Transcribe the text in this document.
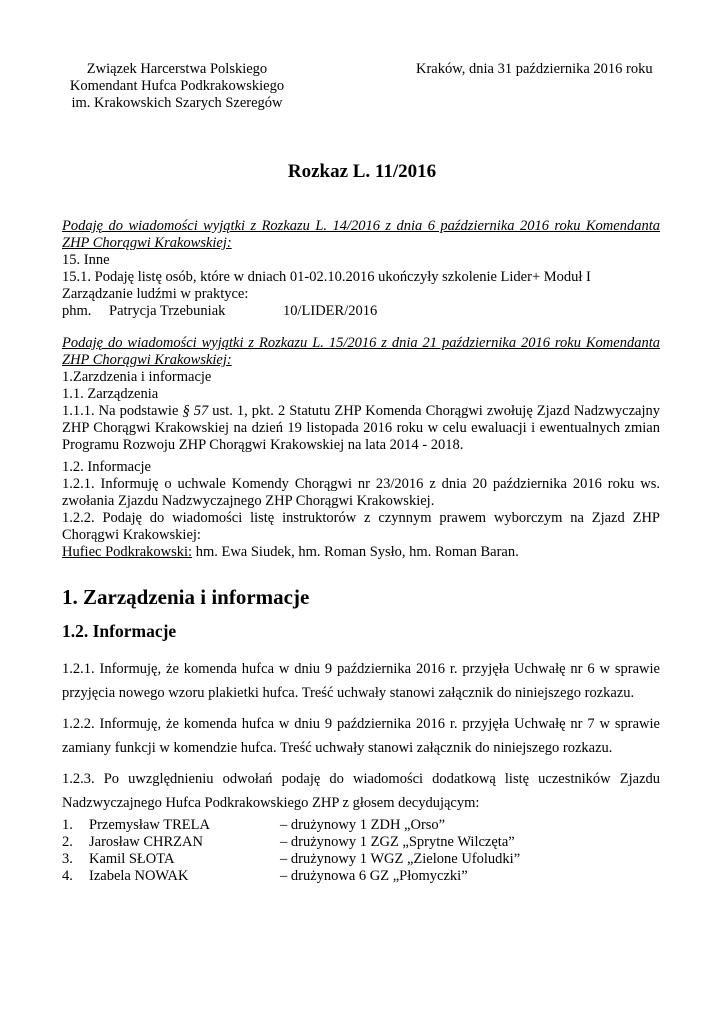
Związek Harcerstwa Polskiego
Komendant Hufca Podkrakowskiego
im. Krakowskich Szarych Szeregów
Kraków, dnia 31 października 2016 roku
Rozkaz L. 11/2016
Podaję do wiadomości wyjątki z Rozkazu L. 14/2016 z dnia 6 października 2016 roku Komendanta ZHP Chorągwi Krakowskiej:
15. Inne
15.1. Podaję listę osób, które w dniach 01-02.10.2016 ukończyły szkolenie Lider+ Moduł I
Zarządzanie ludźmi w praktyce:
phm. Patrycja Trzebuniak	10/LIDER/2016
Podaję do wiadomości wyjątki z Rozkazu L. 15/2016 z dnia 21 października 2016 roku Komendanta ZHP Chorągwi Krakowskiej:
1.Zarzdzenia i informacje
1.1. Zarządzenia
1.1.1. Na podstawie § 57 ust. 1, pkt. 2 Statutu ZHP Komenda Chorągwi zwołuję Zjazd Nadzwyczajny ZHP Chorągwi Krakowskiej na dzień 19 listopada 2016 roku w celu ewaluacji i ewentualnych zmian Programu Rozwoju ZHP Chorągwi Krakowskiej na lata 2014 - 2018.
1.2. Informacje
1.2.1. Informuję o uchwale Komendy Chorągwi nr 23/2016 z dnia 20 października 2016 roku ws. zwołania Zjazdu Nadzwyczajnego ZHP Chorągwi Krakowskiej.
1.2.2. Podaję do wiadomości listę instruktorów z czynnym prawem wyborczym na Zjazd ZHP Chorągwi Krakowskiej:
Hufiec Podkrakowski: hm. Ewa Siudek, hm. Roman Sysło, hm. Roman Baran.
1. Zarządzenia i informacje
1.2. Informacje
1.2.1. Informuję, że komenda hufca w dniu 9 października 2016 r. przyjęła Uchwałę nr 6 w sprawie przyjęcia nowego wzoru plakietki hufca. Treść uchwały stanowi załącznik do niniejszego rozkazu.
1.2.2. Informuję, że komenda hufca w dniu 9 października 2016 r. przyjęła Uchwałę nr 7 w sprawie zamiany funkcji w komendzie hufca. Treść uchwały stanowi załącznik do niniejszego rozkazu.
1.2.3. Po uwzględnieniu odwołań podaję do wiadomości dodatkową listę uczestników Zjazdu Nadzwyczajnego Hufca Podkrakowskiego ZHP z głosem decydującym:
1. Przemysław TRELA	– drużynowy 1 ZDH „Orso”
2. Jarosław CHRZAN	– drużynowy 1 ZGZ „Sprytne Wilczęta”
3. Kamil SŁOTA	– drużynowy 1 WGZ „Zielone Ufoludki”
4. Izabela NOWAK	– drużynowa 6 GZ „Płomyczki”
